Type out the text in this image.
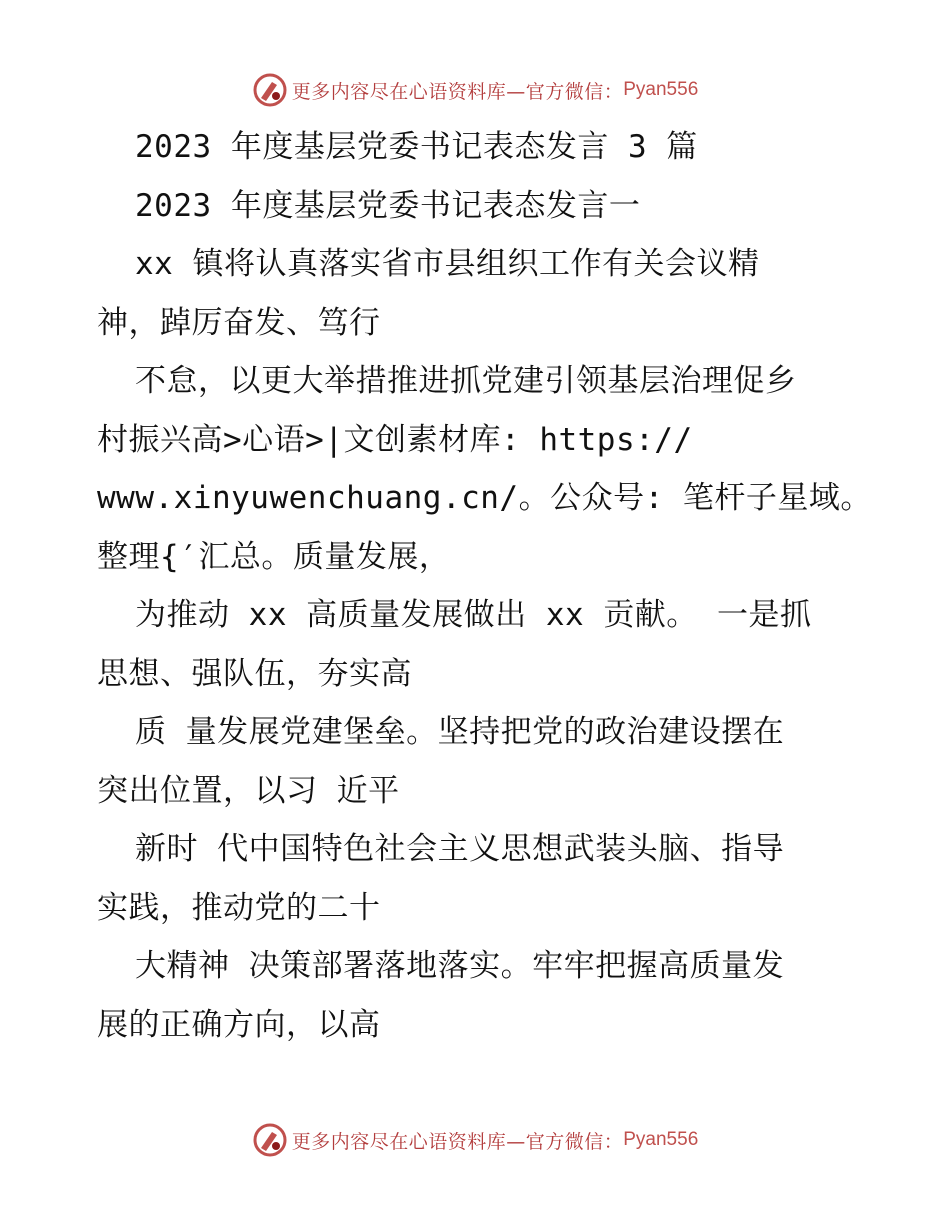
更多内容尽在心语资料库—官方微信： Pyan556
2023 年度基层党委书记表态发言 3 篇
2023 年度基层党委书记表态发言一
xx 镇将认真落实省市县组织工作有关会议精
神，踔厉奋发、笃行
不怠，以更大举措推进抓党建引领基层治理促乡
村振兴高>心语>|文创素材库: https://
www.xinyuwenchuang.cn/。公众号: 笔杆子星域。
整理{′汇总。质量发展，
为推动 xx 高质量发展做出 xx 贡献。 一是抓
思想、强队伍，夯实高
质 量发展党建堡垒。坚持把党的政治建设摆在
突出位置，以习 近平
新时 代中国特色社会主义思想武装头脑、指导
实践，推动党的二十
大精神 决策部署落地落实。牢牢把握高质量发
展的正确方向，以高
更多内容尽在心语资料库—官方微信： Pyan556
